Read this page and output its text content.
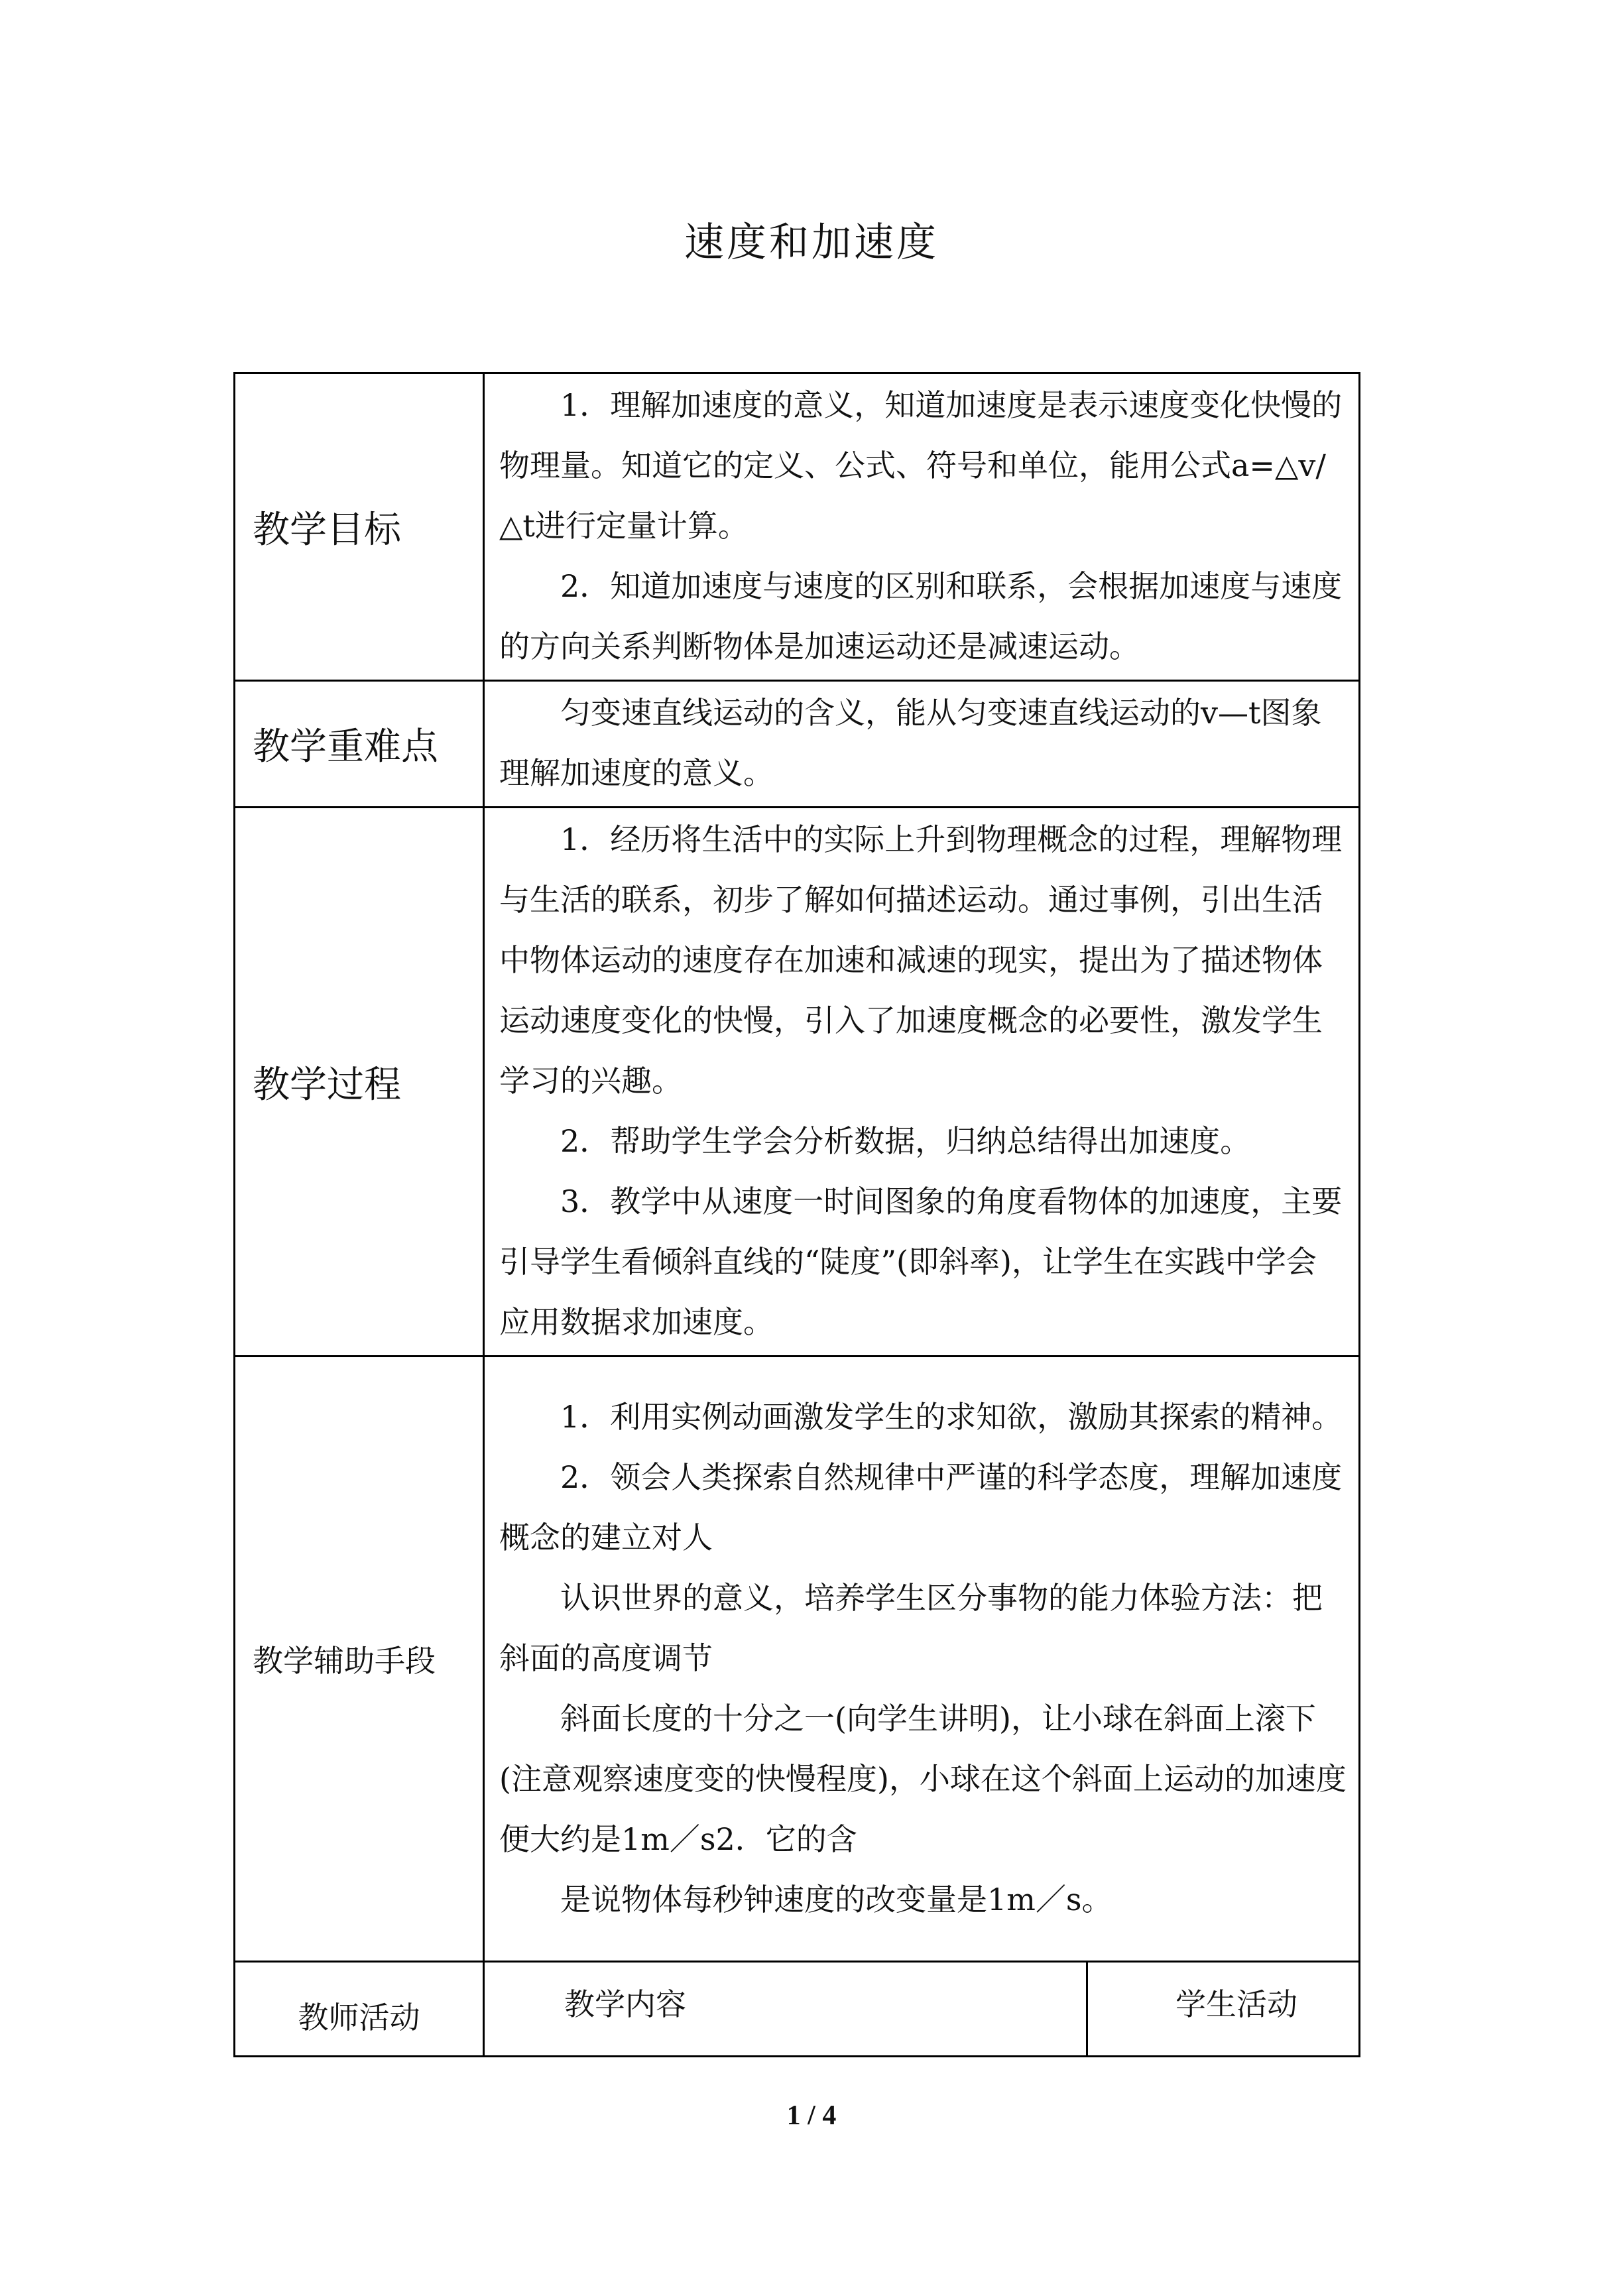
速度和加速度
教学目标	1．理解加速度的意义，知道加速度是表示速度变化快慢的物理量。知道它的定义、公式、符号和单位，能用公式a=△v/△t进行定量计算。

2．知道加速度与速度的区别和联系，会根据加速度与速度的方向关系判断物体是加速运动还是减速运动。	

教学重难点	匀变速直线运动的含义，能从匀变速直线运动的v—t图象理解加速度的意义。	

教学过程	1．经历将生活中的实际上升到物理概念的过程，理解物理与生活的联系，初步了解如何描述运动。通过事例，引出生活中物体运动的速度存在加速和减速的现实，提出为了描述物体运动速度变化的快慢，引入了加速度概念的必要性，激发学生学习的兴趣。

2．帮助学生学会分析数据，归纳总结得出加速度。

3．教学中从速度一时间图象的角度看物体的加速度，主要引导学生看倾斜直线的“陡度”(即斜率)，让学生在实践中学会应用数据求加速度。	

教学辅助手段	1．利用实例动画激发学生的求知欲，激励其探索的精神。

2．领会人类探索自然规律中严谨的科学态度，理解加速度概念的建立对人

认识世界的意义，培养学生区分事物的能力体验方法：把斜面的高度调节

斜面长度的十分之一(向学生讲明)，让小球在斜面上滚下(注意观察速度变的快慢程度)，小球在这个斜面上运动的加速度便大约是1m／s2．它的含

是说物体每秒钟速度的改变量是1m／s。	

教师活动	教学内容	学生活动
1 / 4
